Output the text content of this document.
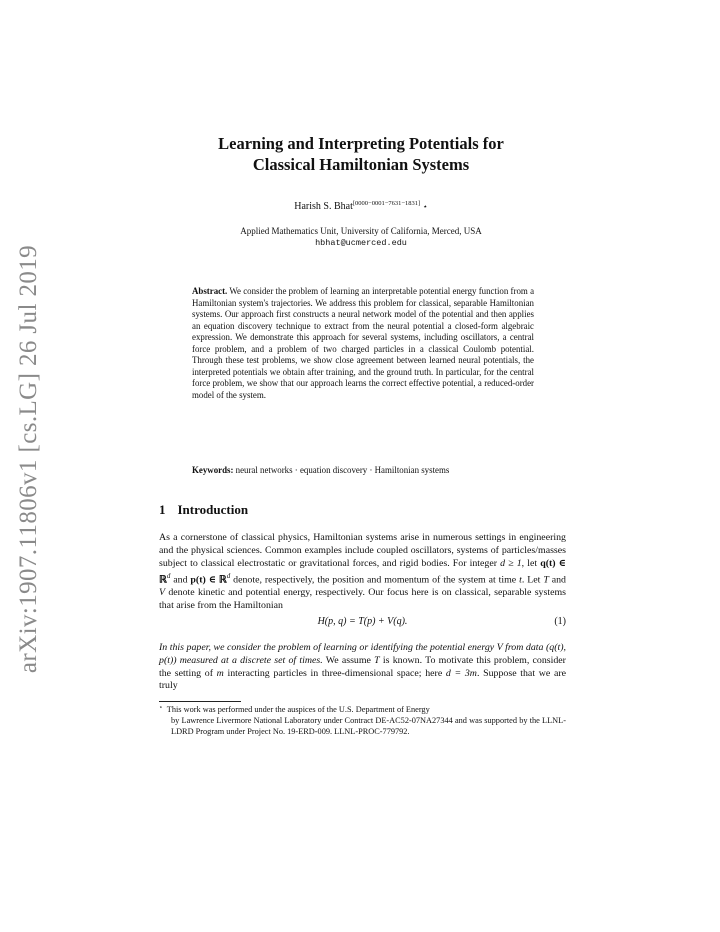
arXiv:1907.11806v1 [cs.LG] 26 Jul 2019
Learning and Interpreting Potentials for
Classical Hamiltonian Systems
Harish S. Bhat[0000−0001−7631−1831] ⋆
Applied Mathematics Unit, University of California, Merced, USA
hbhat@ucmerced.edu

Abstract. We consider the problem of learning an interpretable potential energy function from a Hamiltonian system's trajectories. We address this problem for classical, separable Hamiltonian systems. Our approach first constructs a neural network model of the potential and then applies an equation discovery technique to extract from the neural potential a closed-form algebraic expression. We demonstrate this approach for several systems, including oscillators, a central force problem, and a problem of two charged particles in a classical Coulomb potential. Through these test problems, we show close agreement between learned neural potentials, the interpreted potentials we obtain after training, and the ground truth. In particular, for the central force problem, we show that our approach learns the correct effective potential, a reduced-order model of the system.

Keywords: neural networks · equation discovery · Hamiltonian systems

1 Introduction

As a cornerstone of classical physics, Hamiltonian systems arise in numerous settings in engineering and the physical sciences. Common examples include coupled oscillators, systems of particles/masses subject to classical electrostatic or gravitational forces, and rigid bodies. For integer d ≥ 1, let q(t) ∈ ℝ$^d$ and p(t) ∈ ℝ$^d$ denote, respectively, the position and momentum of the system at time t. Let T and V denote kinetic and potential energy, respectively. Our focus here is on classical, separable systems that arise from the Hamiltonian

H(p, q) = T(p) + V(q).	(1)

In this paper, we consider the problem of learning or identifying the potential energy V from data (q(t), p(t)) measured at a discrete set of times. We assume T is known. To motivate this problem, consider the setting of m interacting particles in three-dimensional space; here d = 3m. Suppose that we are truly

⋆ This work was performed under the auspices of the U.S. Department of Energy
by Lawrence Livermore National Laboratory under Contract DE-AC52-07NA27344 and was supported by the LLNL-LDRD Program under Project No. 19-ERD-009. LLNL-PROC-779792.
